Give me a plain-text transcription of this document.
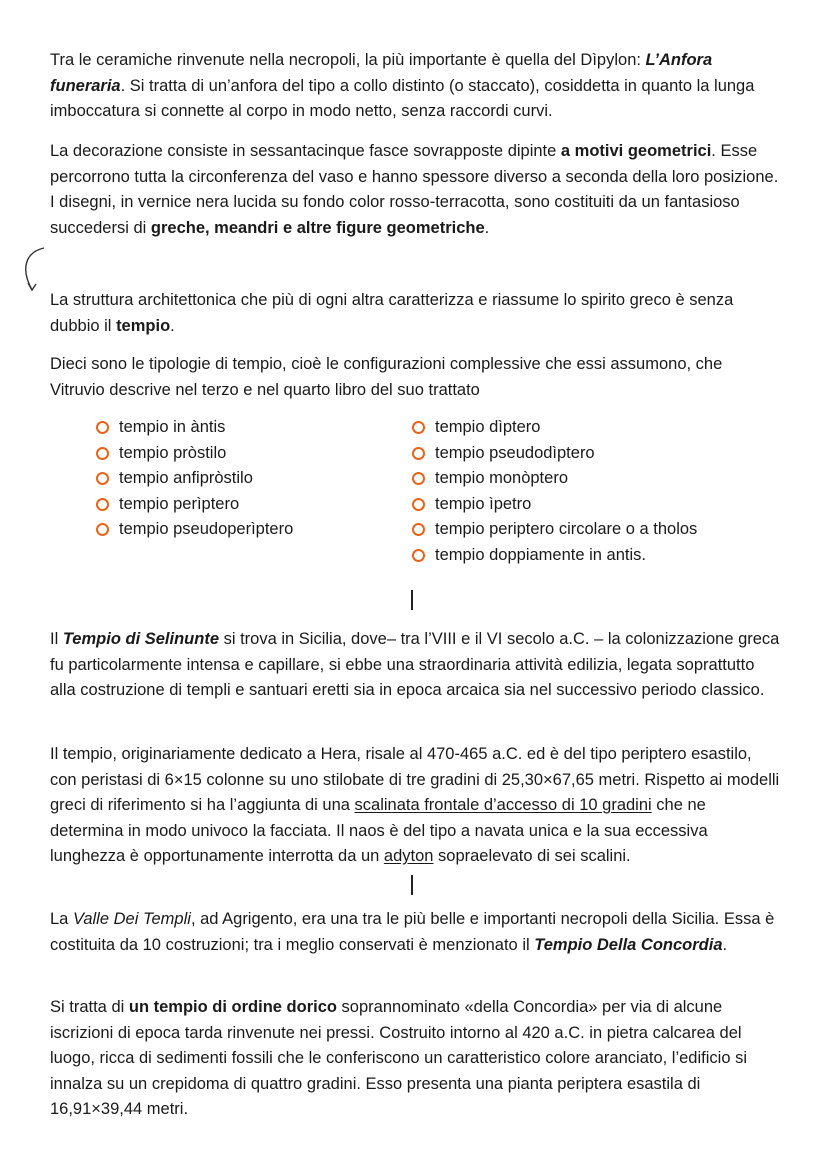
Tra le ceramiche rinvenute nella necropoli, la più importante è quella del Dìpylon: L’Anfora funeraria. Si tratta di un’anfora del tipo a collo distinto (o staccato), cosiddetta in quanto la lunga imboccatura si connette al corpo in modo netto, senza raccordi curvi.

La decorazione consiste in sessantacinque fasce sovrapposte dipinte a motivi geometrici. Esse percorrono tutta la circonferenza del vaso e hanno spessore diverso a seconda della loro posizione. I disegni, in vernice nera lucida su fondo color rosso-terracotta, sono costituiti da un fantasioso succedersi di greche, meandri e altre figure geometriche.

La struttura architettonica che più di ogni altra caratterizza e riassume lo spirito greco è senza dubbio il tempio.

Dieci sono le tipologie di tempio, cioè le configurazioni complessive che essi assumono, che Vitruvio descrive nel terzo e nel quarto libro del suo trattato

tempio in àntis
tempio pròstilo
tempio anfipròstilo
tempio perìptero
tempio pseudoperìptero
tempio dìptero
tempio pseudodìptero
tempio monòptero
tempio ìpetro
tempio periptero circolare o a tholos
tempio doppiamente in antis.

Il Tempio di Selinunte si trova in Sicilia, dove– tra l’VIII e il VI secolo a.C. – la colonizzazione greca fu particolarmente intensa e capillare, si ebbe una straordinaria attività edilizia, legata soprattutto alla costruzione di templi e santuari eretti sia in epoca arcaica sia nel successivo periodo classico.

Il tempio, originariamente dedicato a Hera, risale al 470-465 a.C. ed è del tipo periptero esastilo, con peristasi di 6×15 colonne su uno stilobate di tre gradini di 25,30×67,65 metri. Rispetto ai modelli greci di riferimento si ha l’aggiunta di una scalinata frontale d’accesso di 10 gradini che ne determina in modo univoco la facciata. Il naos è del tipo a navata unica e la sua eccessiva lunghezza è opportunamente interrotta da un adyton sopraelevato di sei scalini.

La Valle Dei Templi, ad Agrigento, era una tra le più belle e importanti necropoli della Sicilia. Essa è costituita da 10 costruzioni; tra i meglio conservati è menzionato il Tempio Della Concordia.

Si tratta di un tempio di ordine dorico soprannominato «della Concordia» per via di alcune iscrizioni di epoca tarda rinvenute nei pressi. Costruito intorno al 420 a.C. in pietra calcarea del luogo, ricca di sedimenti fossili che le conferiscono un caratteristico colore aranciato, l’edificio si innalza su un crepidoma di quattro gradini. Esso presenta una pianta periptera esastila di 16,91×39,44 metri.
